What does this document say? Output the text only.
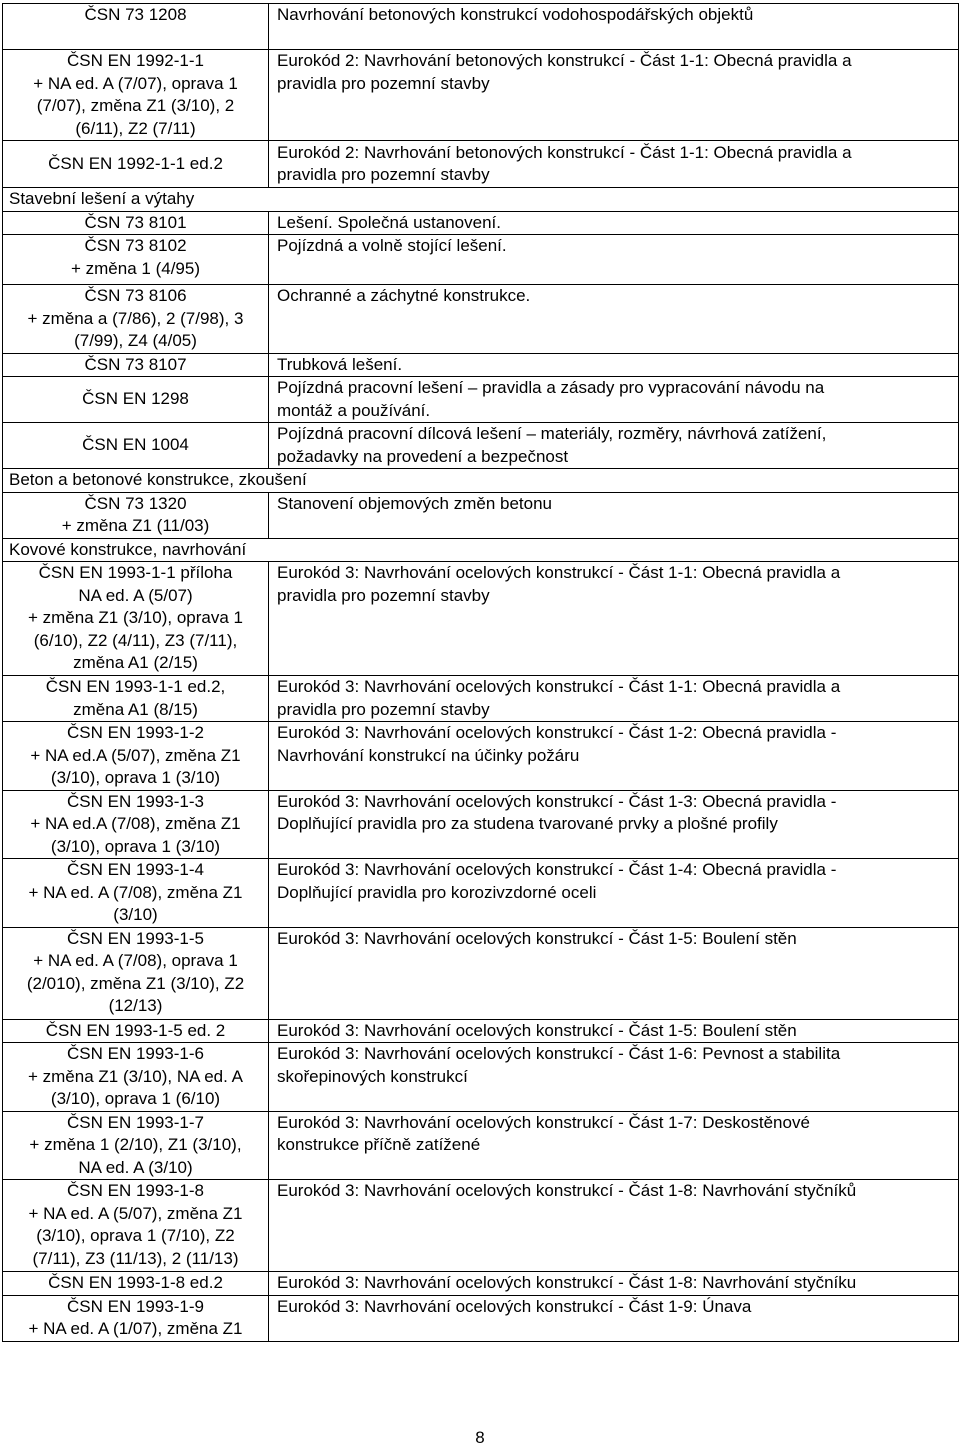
ČSN 73 1208	Navrhování betonových konstrukcí vodohospodářských objektů

ČSN EN 1992-1-1
+ NA ed. A (7/07), oprava 1
(7/07), změna Z1 (3/10), 2
(6/11), Z2 (7/11)	Eurokód 2: Navrhování betonových konstrukcí - Část 1-1: Obecná pravidla a
pravidla pro pozemní stavby

ČSN EN 1992-1-1 ed.2	Eurokód 2: Navrhování betonových konstrukcí - Část 1-1: Obecná pravidla a
pravidla pro pozemní stavby

Stavební lešení a výtahy	

ČSN 73 8101	Lešení. Společná ustanovení.

ČSN 73 8102
+ změna 1 (4/95)	Pojízdná a volně stojící lešení.

ČSN 73 8106
+ změna a (7/86), 2 (7/98), 3
(7/99), Z4 (4/05)	Ochranné a záchytné konstrukce.

ČSN 73 8107	Trubková lešení.

ČSN EN 1298	Pojízdná pracovní lešení – pravidla a zásady pro vypracování návodu na
montáž a používání.

ČSN EN 1004	Pojízdná pracovní dílcová lešení – materiály, rozměry, návrhová zatížení,
požadavky na provedení a bezpečnost

Beton a betonové konstrukce, zkoušení	

ČSN 73 1320
+ změna Z1 (11/03)	Stanovení objemových změn betonu

Kovové konstrukce, navrhování	

ČSN EN 1993-1-1 příloha
NA ed. A (5/07)
+ změna Z1 (3/10), oprava 1
(6/10), Z2 (4/11), Z3 (7/11),
změna A1 (2/15)	Eurokód 3: Navrhování ocelových konstrukcí - Část 1-1: Obecná pravidla a
pravidla pro pozemní stavby

ČSN EN 1993-1-1 ed.2,
změna A1 (8/15)	Eurokód 3: Navrhování ocelových konstrukcí - Část 1-1: Obecná pravidla a
pravidla pro pozemní stavby

ČSN EN 1993-1-2
+ NA ed.A (5/07), změna Z1
(3/10), oprava 1 (3/10)	Eurokód 3: Navrhování ocelových konstrukcí - Část 1-2: Obecná pravidla -
Navrhování konstrukcí na účinky požáru

ČSN EN 1993-1-3
+ NA ed.A (7/08), změna Z1
(3/10), oprava 1 (3/10)	Eurokód 3: Navrhování ocelových konstrukcí - Část 1-3: Obecná pravidla -
Doplňující pravidla pro za studena tvarované prvky a plošné profily

ČSN EN 1993-1-4
+ NA ed. A (7/08), změna Z1
(3/10)	Eurokód 3: Navrhování ocelových konstrukcí - Část 1-4: Obecná pravidla -
Doplňující pravidla pro korozivzdorné oceli

ČSN EN 1993-1-5
+ NA ed. A (7/08), oprava 1
(2/010), změna Z1 (3/10), Z2
(12/13)	Eurokód 3: Navrhování ocelových konstrukcí - Část 1-5: Boulení stěn

ČSN EN 1993-1-5 ed. 2	Eurokód 3: Navrhování ocelových konstrukcí - Část 1-5: Boulení stěn

ČSN EN 1993-1-6
+ změna Z1 (3/10), NA ed. A
(3/10), oprava 1 (6/10)	Eurokód 3: Navrhování ocelových konstrukcí - Část 1-6: Pevnost a stabilita
skořepinových konstrukcí

ČSN EN 1993-1-7
+ změna 1 (2/10), Z1 (3/10),
NA ed. A (3/10)	Eurokód 3: Navrhování ocelových konstrukcí - Část 1-7: Deskostěnové
konstrukce příčně zatížené

ČSN EN 1993-1-8
+ NA ed. A (5/07), změna Z1
(3/10), oprava 1 (7/10), Z2
(7/11), Z3 (11/13), 2 (11/13)	Eurokód 3: Navrhování ocelových konstrukcí - Část 1-8: Navrhování styčníků

ČSN EN 1993-1-8 ed.2	Eurokód 3: Navrhování ocelových konstrukcí - Část 1-8: Navrhování styčníku

ČSN EN 1993-1-9
+ NA ed. A (1/07), změna Z1	Eurokód 3: Navrhování ocelových konstrukcí - Část 1-9: Únava
8
